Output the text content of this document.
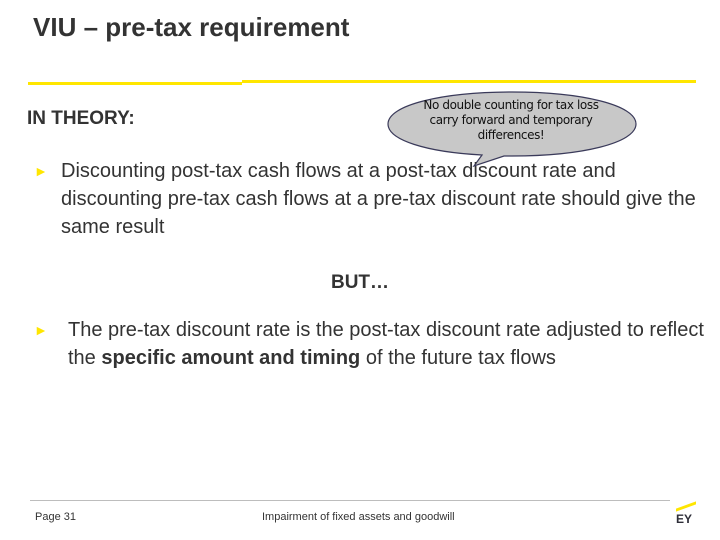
VIU – pre-tax requirement
IN THEORY:
No double counting for tax loss carry forward and temporary differences!
► Discounting post-tax cash flows at a post-tax discount rate and discounting pre-tax cash flows at a pre-tax discount rate should give the same result
BUT…
► The pre-tax discount rate is the post-tax discount rate adjusted to reflect the specific amount and timing of the future tax flows
Page 31	Impairment of fixed assets and goodwill	EY
